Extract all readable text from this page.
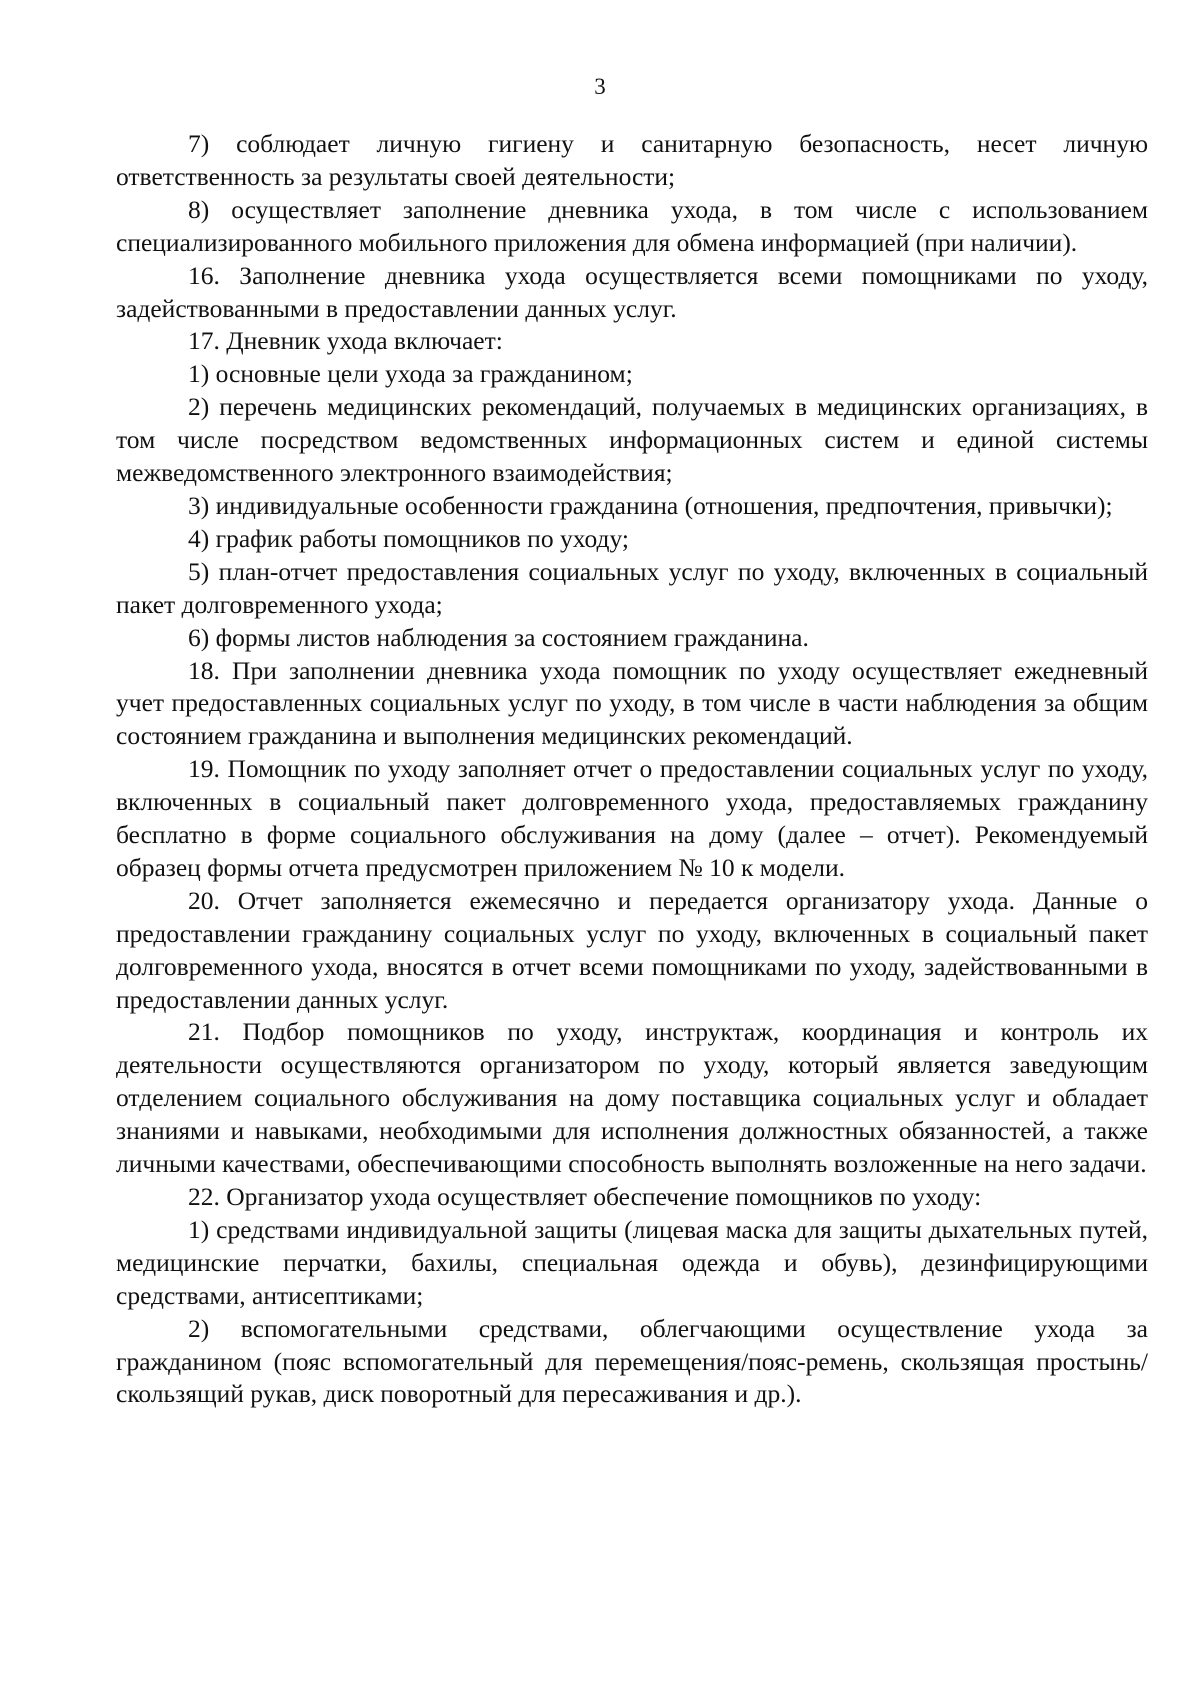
3

7) соблюдает личную гигиену и санитарную безопасность, несет личную ответственность за результаты своей деятельности;

8) осуществляет заполнение дневника ухода, в том числе с использованием специализированного мобильного приложения для обмена информацией (при наличии).

16. Заполнение дневника ухода осуществляется всеми помощниками по уходу, задействованными в предоставлении данных услуг.

17. Дневник ухода включает:

1) основные цели ухода за гражданином;

2) перечень медицинских рекомендаций, получаемых в медицинских организациях, в том числе посредством ведомственных информационных систем и единой системы межведомственного электронного взаимодействия;

3) индивидуальные особенности гражданина (отношения, предпочтения, привычки);

4) график работы помощников по уходу;

5) план-отчет предоставления социальных услуг по уходу, включенных в социальный пакет долговременного ухода;

6) формы листов наблюдения за состоянием гражданина.

18. При заполнении дневника ухода помощник по уходу осуществляет ежедневный учет предоставленных социальных услуг по уходу, в том числе в части наблюдения за общим состоянием гражданина и выполнения медицинских рекомендаций.

19. Помощник по уходу заполняет отчет о предоставлении социальных услуг по уходу, включенных в социальный пакет долговременного ухода, предоставляемых гражданину бесплатно в форме социального обслуживания на дому (далее – отчет). Рекомендуемый образец формы отчета предусмотрен приложением № 10 к модели.

20. Отчет заполняется ежемесячно и передается организатору ухода. Данные о предоставлении гражданину социальных услуг по уходу, включенных в социальный пакет долговременного ухода, вносятся в отчет всеми помощниками по уходу, задействованными в предоставлении данных услуг.

21. Подбор помощников по уходу, инструктаж, координация и контроль их деятельности осуществляются организатором по уходу, который является заведующим отделением социального обслуживания на дому поставщика социальных услуг и обладает знаниями и навыками, необходимыми для исполнения должностных обязанностей, а также личными качествами, обеспечивающими способность выполнять возложенные на него задачи.

22. Организатор ухода осуществляет обеспечение помощников по уходу:

1) средствами индивидуальной защиты (лицевая маска для защиты дыхательных путей, медицинские перчатки, бахилы, специальная одежда и обувь), дезинфицирующими средствами, антисептиками;

2) вспомогательными средствами, облегчающими осуществление ухода за гражданином (пояс вспомогательный для перемещения/пояс-ремень, скользящая простынь/скользящий рукав, диск поворотный для пересаживания и др.).
